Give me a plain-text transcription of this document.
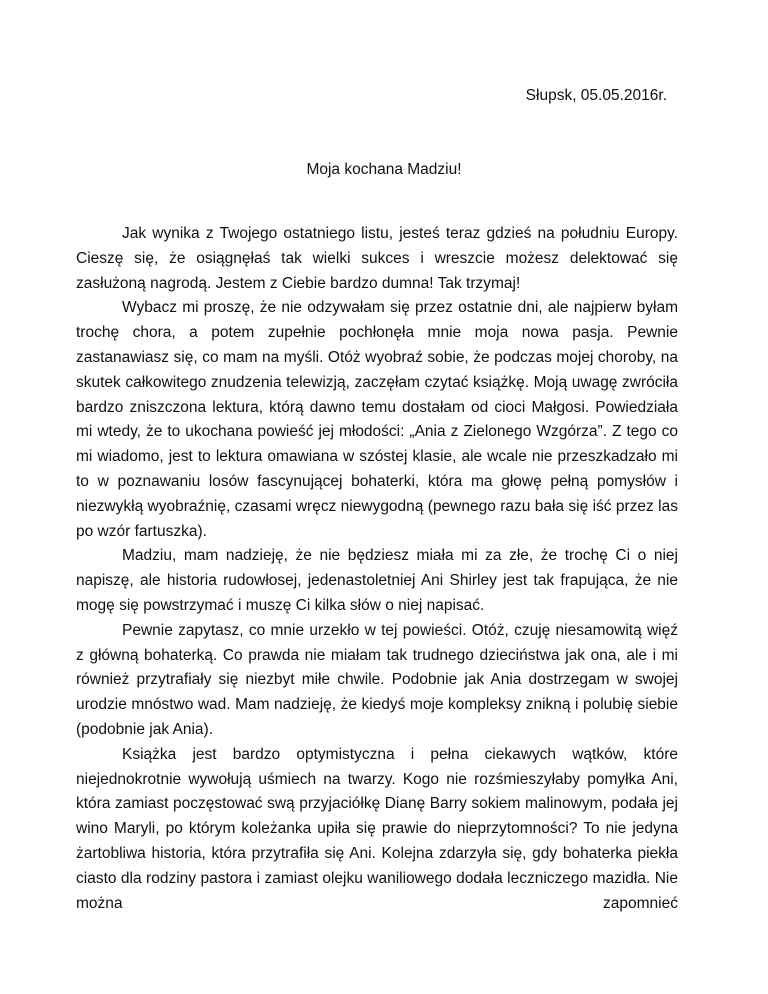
Słupsk, 05.05.2016r.
Moja kochana Madziu!

Jak wynika z Twojego ostatniego listu, jesteś teraz gdzieś na południu Europy. Cieszę się, że osiągnęłaś tak wielki sukces i wreszcie możesz delektować się zasłużoną nagrodą. Jestem z Ciebie bardzo dumna! Tak trzymaj!

Wybacz mi proszę, że nie odzywałam się przez ostatnie dni, ale najpierw byłam trochę chora, a potem zupełnie pochłonęła mnie moja nowa pasja. Pewnie zastanawiasz się, co mam na myśli. Otóż wyobraź sobie, że podczas mojej choroby, na skutek całkowitego znudzenia telewizją, zaczęłam czytać książkę. Moją uwagę zwróciła bardzo zniszczona lektura, którą dawno temu dostałam od cioci Małgosi. Powiedziała mi wtedy, że to ukochana powieść jej młodości: „Ania z Zielonego Wzgórza”. Z tego co mi wiadomo, jest to lektura omawiana w szóstej klasie, ale wcale nie przeszkadzało mi to w poznawaniu losów fascynującej bohaterki, która ma głowę pełną pomysłów i niezwykłą wyobraźnię, czasami wręcz niewygodną (pewnego razu bała się iść przez las po wzór fartuszka).

Madziu, mam nadzieję, że nie będziesz miała mi za złe, że trochę Ci o niej napiszę, ale historia rudowłosej, jedenastoletniej Ani Shirley jest tak frapująca, że nie mogę się powstrzymać i muszę Ci kilka słów o niej napisać.

Pewnie zapytasz, co mnie urzekło w tej powieści. Otóż, czuję niesamowitą więź z główną bohaterką. Co prawda nie miałam tak trudnego dzieciństwa jak ona, ale i mi również przytrafiały się niezbyt miłe chwile. Podobnie jak Ania dostrzegam w swojej urodzie mnóstwo wad. Mam nadzieję, że kiedyś moje kompleksy znikną i polubię siebie (podobnie jak Ania).

Książka jest bardzo optymistyczna i pełna ciekawych wątków, które niejednokrotnie wywołują uśmiech na twarzy. Kogo nie rozśmieszyłaby pomyłka Ani, która zamiast poczęstować swą przyjaciółkę Dianę Barry sokiem malinowym, podała jej wino Maryli, po którym koleżanka upiła się prawie do nieprzytomności? To nie jedyna żartobliwa historia, która przytrafiła się Ani. Kolejna zdarzyła się, gdy bohaterka piekła ciasto dla rodziny pastora i zamiast olejku waniliowego dodała leczniczego mazidła. Nie można zapomnieć
